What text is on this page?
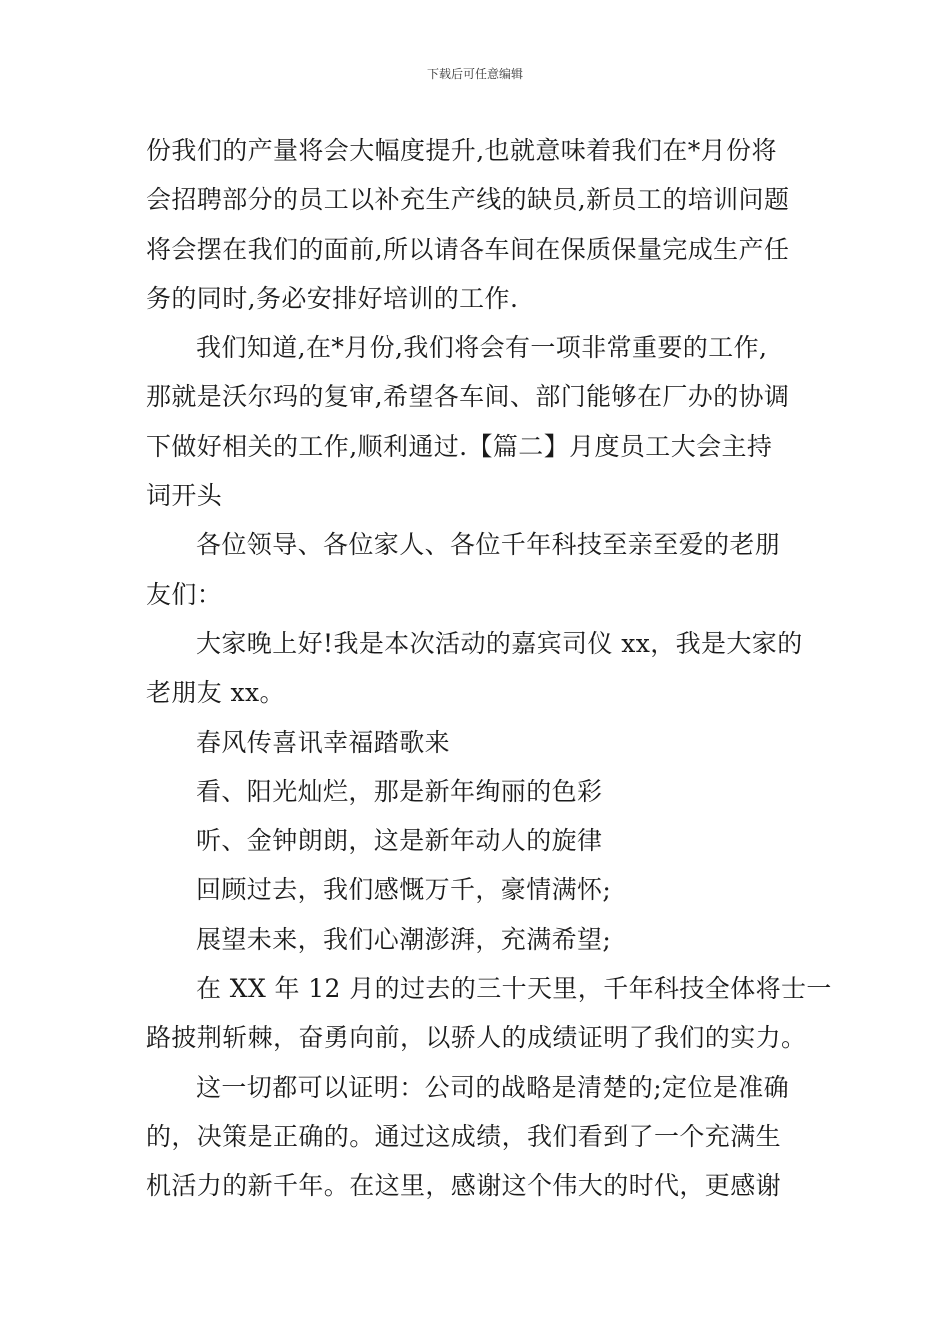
下载后可任意编辑
份我们的产量将会大幅度提升,也就意味着我们在*月份将
会招聘部分的员工以补充生产线的缺员,新员工的培训问题
将会摆在我们的面前,所以请各车间在保质保量完成生产任
务的同时,务必安排好培训的工作.
我们知道,在*月份,我们将会有一项非常重要的工作,
那就是沃尔玛的复审,希望各车间、部门能够在厂办的协调
下做好相关的工作,顺利通过.【篇二】月度员工大会主持
词开头
各位领导、各位家人、各位千年科技至亲至爱的老朋
友们：
大家晚上好!我是本次活动的嘉宾司仪 xx，我是大家的
老朋友 xx。
春风传喜讯幸福踏歌来
看、阳光灿烂，那是新年绚丽的色彩
听、金钟朗朗，这是新年动人的旋律
回顾过去，我们感慨万千，豪情满怀;
展望未来，我们心潮澎湃，充满希望;
在 XX 年 12 月的过去的三十天里，千年科技全体将士一
路披荆斩棘，奋勇向前，以骄人的成绩证明了我们的实力。
这一切都可以证明：公司的战略是清楚的;定位是准确
的，决策是正确的。通过这成绩，我们看到了一个充满生
机活力的新千年。在这里，感谢这个伟大的时代，更感谢
